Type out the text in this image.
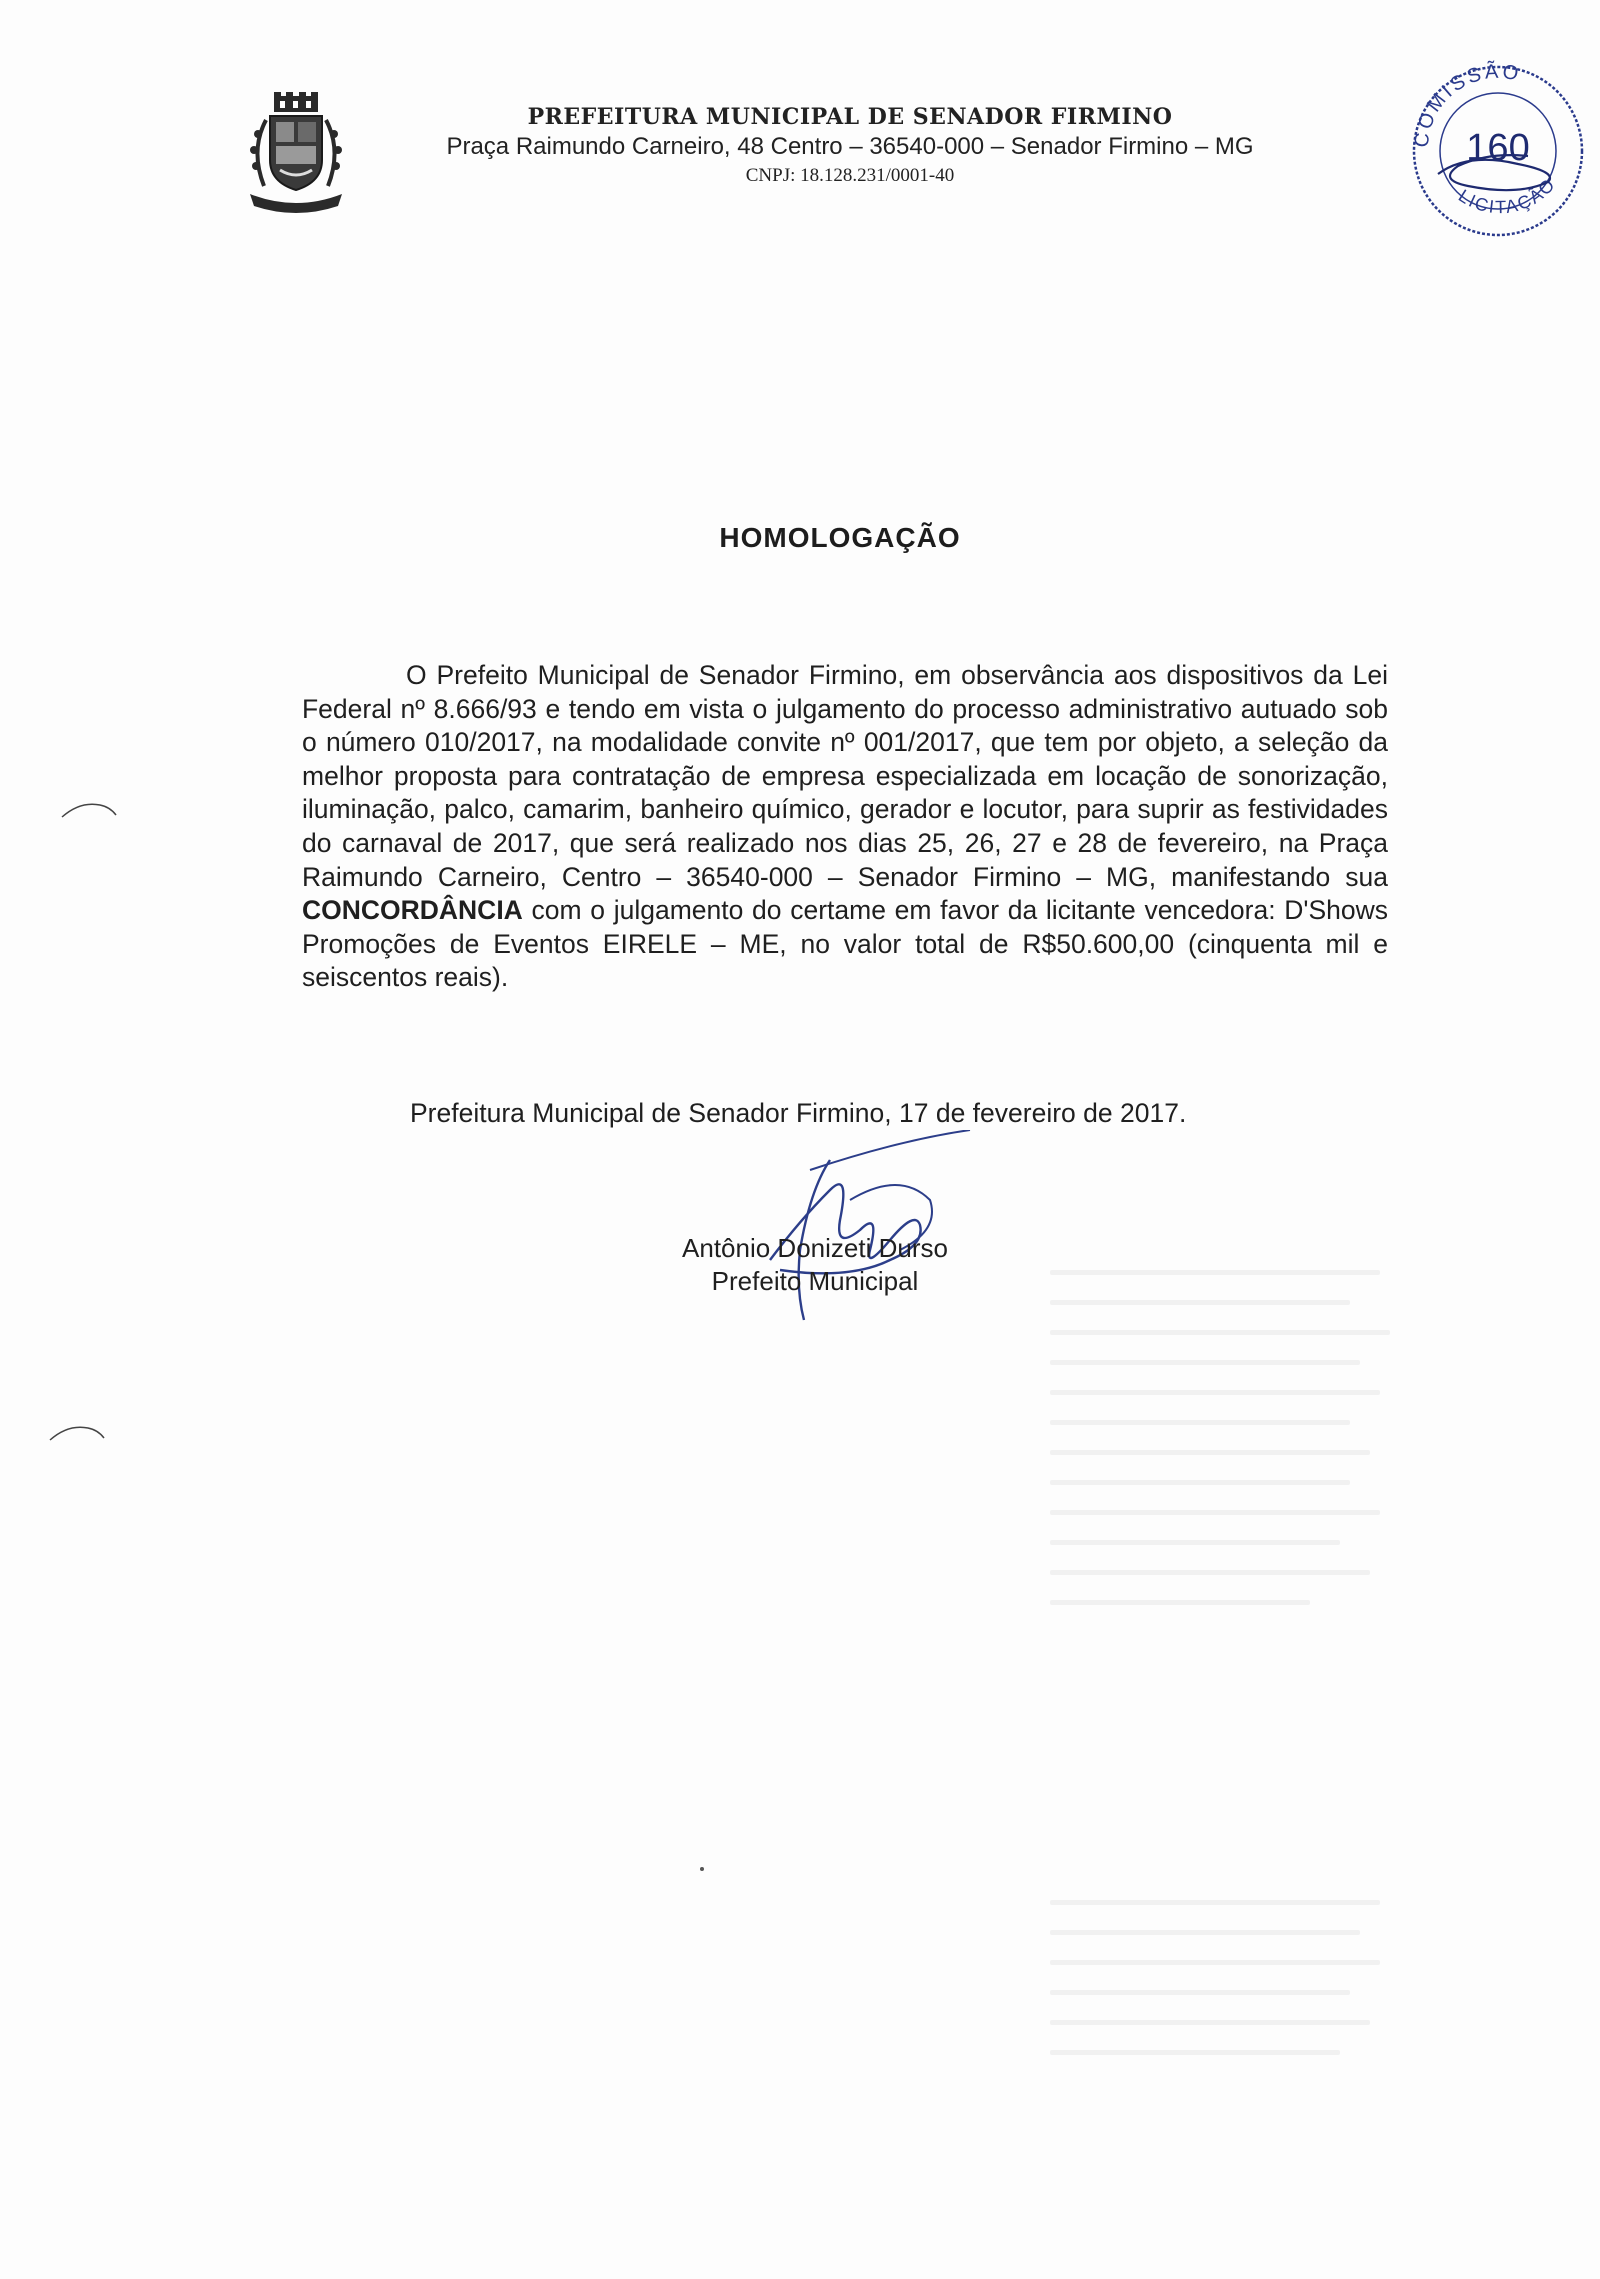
PREFEITURA MUNICIPAL DE SENADOR FIRMINO
Praça Raimundo Carneiro, 48 Centro – 36540-000 – Senador Firmino – MG
CNPJ: 18.128.231/0001-40
COMISSÃO
LICITAÇÃO
160
HOMOLOGAÇÃO
O Prefeito Municipal de Senador Firmino, em observância aos dispositivos da Lei Federal nº 8.666/93 e tendo em vista o julgamento do processo administrativo autuado sob o número 010/2017, na modalidade convite nº 001/2017, que tem por objeto, a seleção da melhor proposta para contratação de empresa especializada em locação de sonorização, iluminação, palco, camarim, banheiro químico, gerador e locutor, para suprir as festividades do carnaval de 2017, que será realizado nos dias 25, 26, 27 e 28 de fevereiro, na Praça Raimundo Carneiro, Centro – 36540-000 – Senador Firmino – MG, manifestando sua CONCORDÂNCIA com o julgamento do certame em favor da licitante vencedora: D'Shows Promoções de Eventos EIRELE – ME, no valor total de R$50.600,00 (cinquenta mil e seiscentos reais).
Prefeitura Municipal de Senador Firmino, 17 de fevereiro de 2017.
Antônio Donizeti Durso
Prefeito Municipal
